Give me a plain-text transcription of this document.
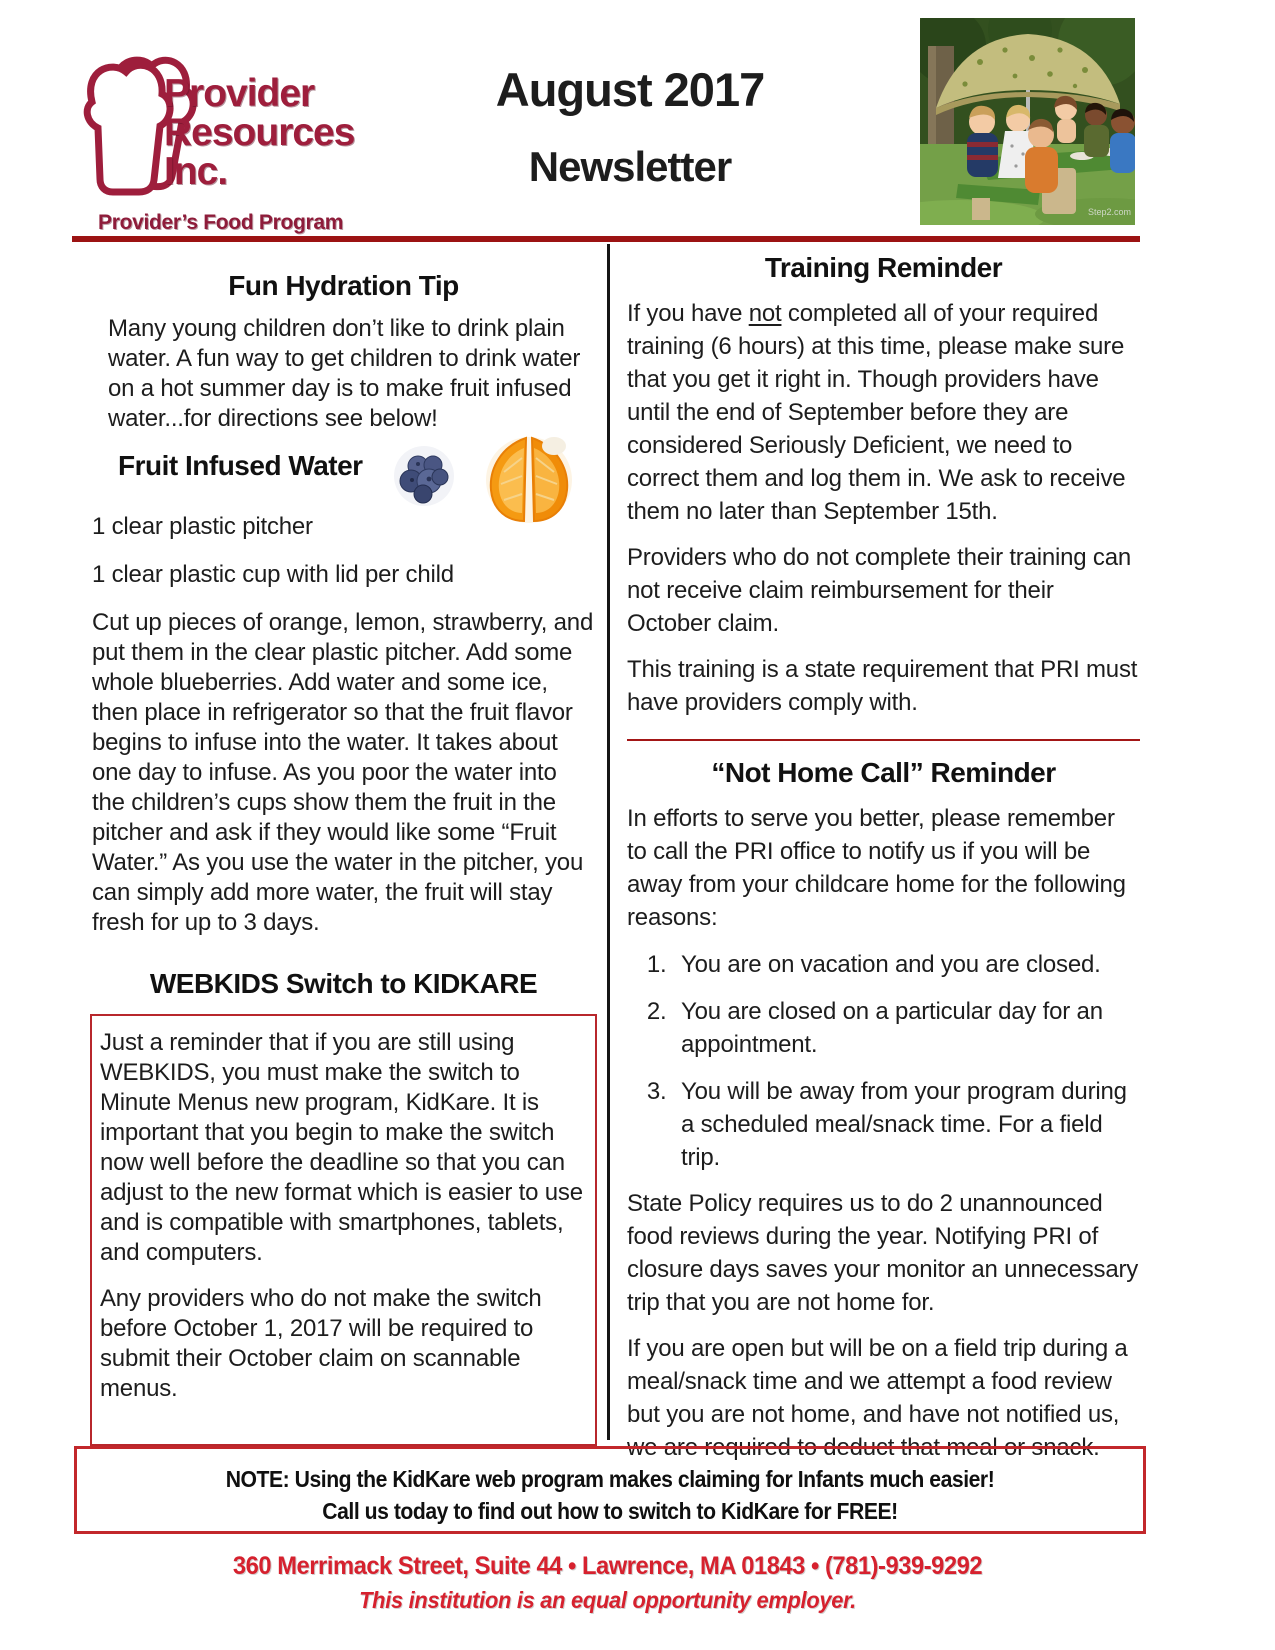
Provider
Resources
Inc.
Provider’s Food Program
August 2017
Newsletter
Step2.com
Fun Hydration Tip

Many young children don’t like to drink plain water. A fun way to get children to drink water on a hot summer day is to make fruit infused water...for directions see below!

Fruit Infused Water

1 clear plastic pitcher

1 clear plastic cup with lid per child

Cut up pieces of orange, lemon, strawberry, and put them in the clear plastic pitcher. Add some whole blueberries. Add water and some ice, then place in refrigerator so that the fruit flavor begins to infuse into the water. It takes about one day to infuse. As you poor the water into the children’s cups show them the fruit in the pitcher and ask if they would like some “Fruit Water.” As you use the water in the pitcher, you can simply add more water, the fruit will stay fresh for up to 3 days.

WEBKIDS Switch to KIDKARE

Just a reminder that if you are still using WEBKIDS, you must make the switch to Minute Menus new program, KidKare. It is important that you begin to make the switch now well before the deadline so that you can adjust to the new format which is easier to use and is compatible with smartphones, tablets, and computers.

Any providers who do not make the switch before October 1, 2017 will be required to submit their October claim on scannable menus.

Training Reminder

If you have not completed all of your required training (6 hours) at this time, please make sure that you get it right in. Though providers have until the end of September before they are considered Seriously Deficient, we need to correct them and log them in. We ask to receive them no later than September 15th.

Providers who do not complete their training can not receive claim reimbursement for their October claim.

This training is a state requirement that PRI must have providers comply with.

“Not Home Call” Reminder

In efforts to serve you better, please remember to call the PRI office to notify us if you will be away from your childcare home for the following reasons:

1. You are on vacation and you are closed.
2. You are closed on a particular day for an appointment.
3. You will be away from your program during a scheduled meal/snack time. For a field trip.

State Policy requires us to do 2 unannounced food reviews during the year. Notifying PRI of closure days saves your monitor an unnecessary trip that you are not home for.

If you are open but will be on a field trip during a meal/snack time and we attempt a food review but you are not home, and have not notified us, we are required to deduct that meal or snack.

NOTE: Using the KidKare web program makes claiming for Infants much easier!
Call us today to find out how to switch to KidKare for FREE!
360 Merrimack Street, Suite 44 • Lawrence, MA 01843 • (781)-939-9292
This institution is an equal opportunity employer.
